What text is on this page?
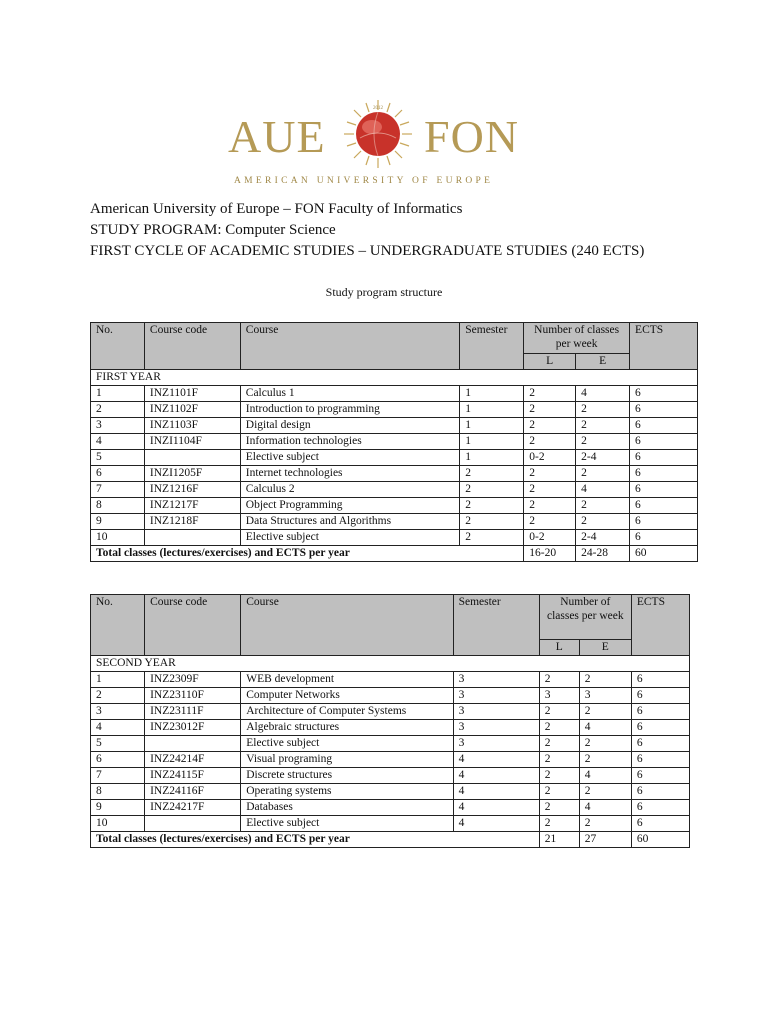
AUE
2012
FON
AMERICAN UNIVERSITY OF EUROPE
American University of Europe – FON Faculty of Informatics
STUDY PROGRAM: Computer Science
FIRST CYCLE OF ACADEMIC STUDIES – UNDERGRADUATE STUDIES (240 ECTS)
Study program structure
No.	Course code	Course	Semester	Number of classes per week		ECTS
				L	E	
FIRST YEAR						
1	INZ1101F	Calculus 1	1	2	4	6
2	INZ1102F	Introduction to programming	1	2	2	6
3	INZ1103F	Digital design	1	2	2	6
4	INZI1104F	Information technologies	1	2	2	6
5		Elective subject	1	0-2	2-4	6
6	INZI1205F	Internet technologies	2	2	2	6
7	INZ1216F	Calculus 2	2	2	4	6
8	INZ1217F	Object Programming	2	2	2	6
9	INZ1218F	Data Structures and Algorithms	2	2	2	6
10		Elective subject	2	0-2	2-4	6
Total classes (lectures/exercises) and ECTS per year				16-20	24-28	60
No.	Course code	Course	Semester	Number of classes per week		ECTS
				L	E	
SECOND YEAR						
1	INZ2309F	WEB development	3	2	2	6
2	INZ23110F	Computer Networks	3	3	3	6
3	INZ23111F	Architecture of Computer Systems	3	2	2	6
4	INZ23012F	Algebraic structures	3	2	4	6
5		Elective subject	3	2	2	6
6	INZ24214F	Visual programing	4	2	2	6
7	INZ24115F	Discrete structures	4	2	4	6
8	INZ24116F	Operating systems	4	2	2	6
9	INZ24217F	Databases	4	2	4	6
10		Elective subject	4	2	2	6
Total classes (lectures/exercises) and ECTS per year				21	27	60
